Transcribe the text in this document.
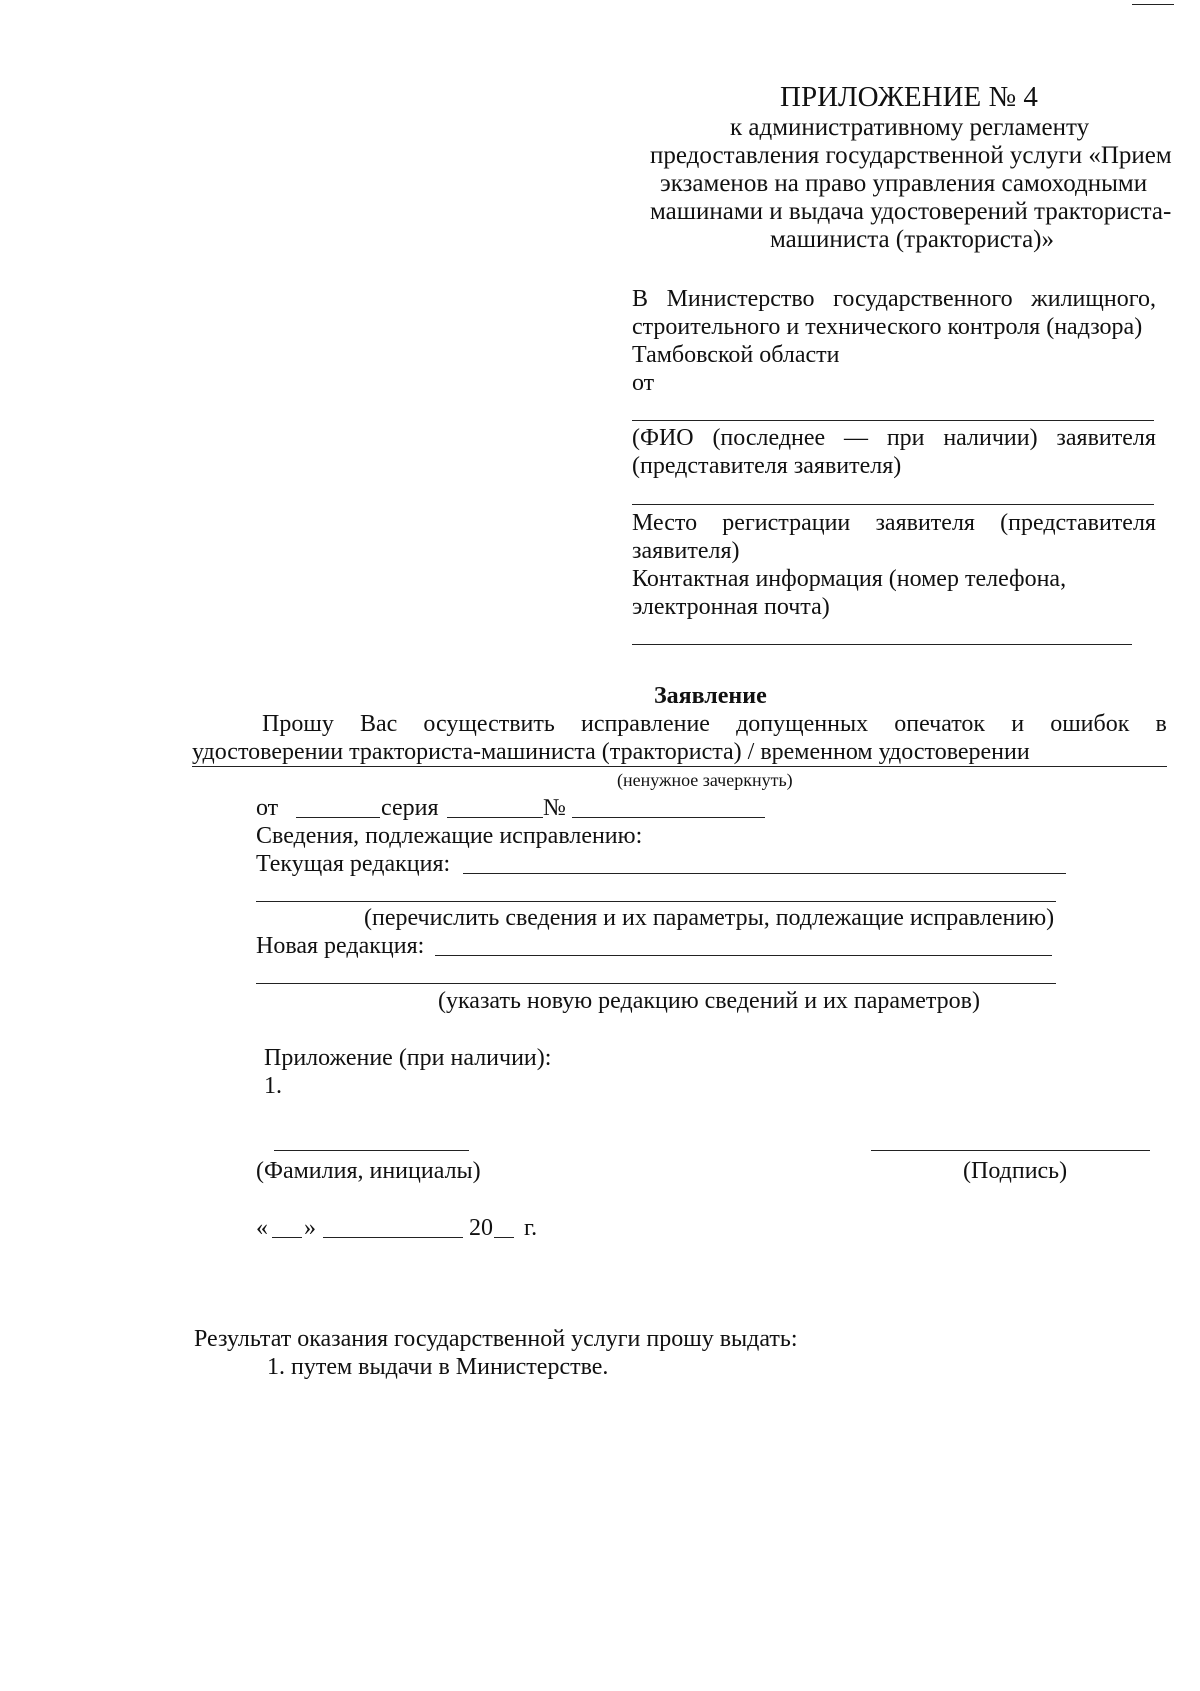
ПРИЛОЖЕНИЕ № 4
к административному регламенту
предоставления государственной услуги «Прием
экзаменов на право управления самоходными
машинами и выдача удостоверений тракториста-
машиниста (тракториста)»
В Министерство государственного жилищного,
строительного и технического контроля (надзора)
Тамбовской области
от
(ФИО (последнее — при наличии) заявителя
(представителя заявителя)
Место регистрации заявителя (представителя
заявителя)
Контактная информация (номер телефона,
электронная почта)
Заявление
Прошу Вас осуществить исправление допущенных опечаток и ошибок в
удостоверении тракториста-машиниста (тракториста) / временном удостоверении
(ненужное зачеркнуть)
от	серия	№
Сведения, подлежащие исправлению:
Текущая редакция:
(перечислить сведения и их параметры, подлежащие исправлению)
Новая редакция:
(указать новую редакцию сведений и их параметров)
Приложение (при наличии):
1.
(Фамилия, инициалы)	(Подпись)
« »	20 г.
Результат оказания государственной услуги прошу выдать:
1. путем выдачи в Министерстве.
